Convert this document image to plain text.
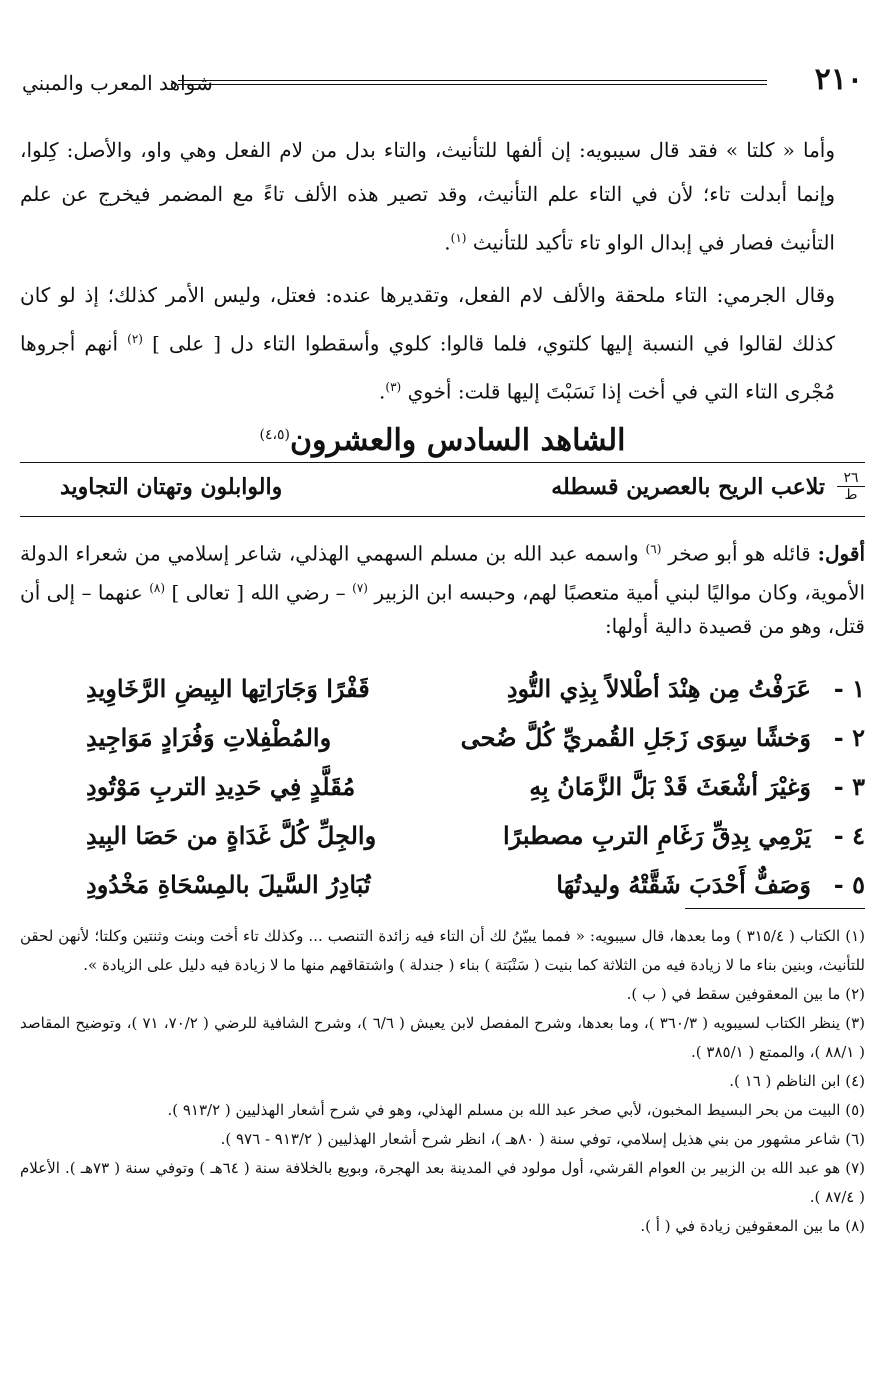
٢١٠
شواهد المعرب والمبني

وأما « كلتا » فقد قال سيبويه: إن ألفها للتأنيث، والتاء بدل من لام الفعل وهي واو، والأصل: كِلوا، وإنما أبدلت تاء؛ لأن في التاء علم التأنيث، وقد تصير هذه الألف تاءً مع المضمر فيخرج عن علم التأنيث فصار في إبدال الواو تاء تأكيد للتأنيث $^{(١)}$.

وقال الجرمي: التاء ملحقة والألف لام الفعل، وتقديرها عنده: فعتل، وليس الأمر كذلك؛ إذ لو كان كذلك لقالوا في النسبة إليها كلتوي، فلما قالوا: كلوي وأسقطوا التاء دل [ على ] $^{(٢)}$ أنهم أجروها مُجْرى التاء التي في أخت إذا نَسَبْتَ إليها قلت: أخوي $^{(٣)}$.

الشاهد السادس والعشرون$^{(٤،٥)}$
٢٦
ط
تلاعب الريح بالعصرين قسطله
والوابلون وتهتان التجاويد

أقول: قائله هو أبو صخر $^{(٦)}$ واسمه عبد الله بن مسلم السهمي الهذلي، شاعر إسلامي من شعراء الدولة الأموية، وكان مواليًا لبني أمية متعصبًا لهم، وحبسه ابن الزبير $^{(٧)}$ – رضي الله [ تعالى ] $^{(٨)}$ عنهما – إلى أن قتل، وهو من قصيدة دالية أولها:

١ -
عَرَفْتُ مِن هِنْدَ أطْلالاً بِذِي التُّودِ
قَفْرًا وَجَارَاتِها البِيضِ الرَّخَاوِيدِ
٢ -
وَخشًا سِوَى زَجَلِ القُمريِّ كُلَّ ضُحى
والمُطْفِلاتِ وَفُرَادٍ مَوَاجِيدِ
٣ -
وَغيْرَ أشْعَثَ قَدْ بَلَّ الزَّمَانُ بِهِ
مُقَلَّدٍ فِي حَدِيدِ التربِ مَوْتُودِ
٤ -
يَرْمِي بِدِقِّ رَغَامِ التربِ مصطبرًا
والجِلِّ كُلَّ غَدَاةٍ من حَصَا البِيدِ
٥ -
وَصَفٌّ أَحْدَبَ شَقَّتْهُ وليدتُهَا
تُبَادِرُ السَّيلَ بالمِسْحَاةِ مَخْدُودِ

(١) الكتاب ( ٣١٥/٤ ) وما بعدها، قال سيبويه: « فمما يبيّنُ لك أن التاء فيه زائدة التنصب ... وكذلك تاء أخت وبنت وثنتين وكلتا؛ لأنهن لحقن للتأنيث، وبنين بناء ما لا زيادة فيه من الثلاثة كما بنيت ( سَنْبَتة ) بناء ( جندلة ) واشتقاقهم منها ما لا زيادة فيه دليل على الزيادة ».

(٢) ما بين المعقوفين سقط في ( ب ).

(٣) ينظر الكتاب لسيبويه ( ٣٦٠/٣ )، وما بعدها، وشرح المفصل لابن يعيش ( ٦/٦ )، وشرح الشافية للرضي ( ٧٠/٢، ٧١ )، وتوضيح المقاصد ( ٨٨/١ )، والممتع ( ٣٨٥/١ ).

(٤) ابن الناظم ( ١٦ ).

(٥) البيت من بحر البسيط المخبون، لأبي صخر عبد الله بن مسلم الهذلي، وهو في شرح أشعار الهذليين ( ٩١٣/٢ ).

(٦) شاعر مشهور من بني هذيل إسلامي، توفي سنة ( ٨٠هـ )، انظر شرح أشعار الهذليين ( ٩١٣/٢ - ٩٧٦ ).

(٧) هو عبد الله بن الزبير بن العوام القرشي، أول مولود في المدينة بعد الهجرة، وبويع بالخلافة سنة ( ٦٤هـ ) وتوفي سنة ( ٧٣هـ ). الأعلام ( ٨٧/٤ ).

(٨) ما بين المعقوفين زيادة في ( أ ).
